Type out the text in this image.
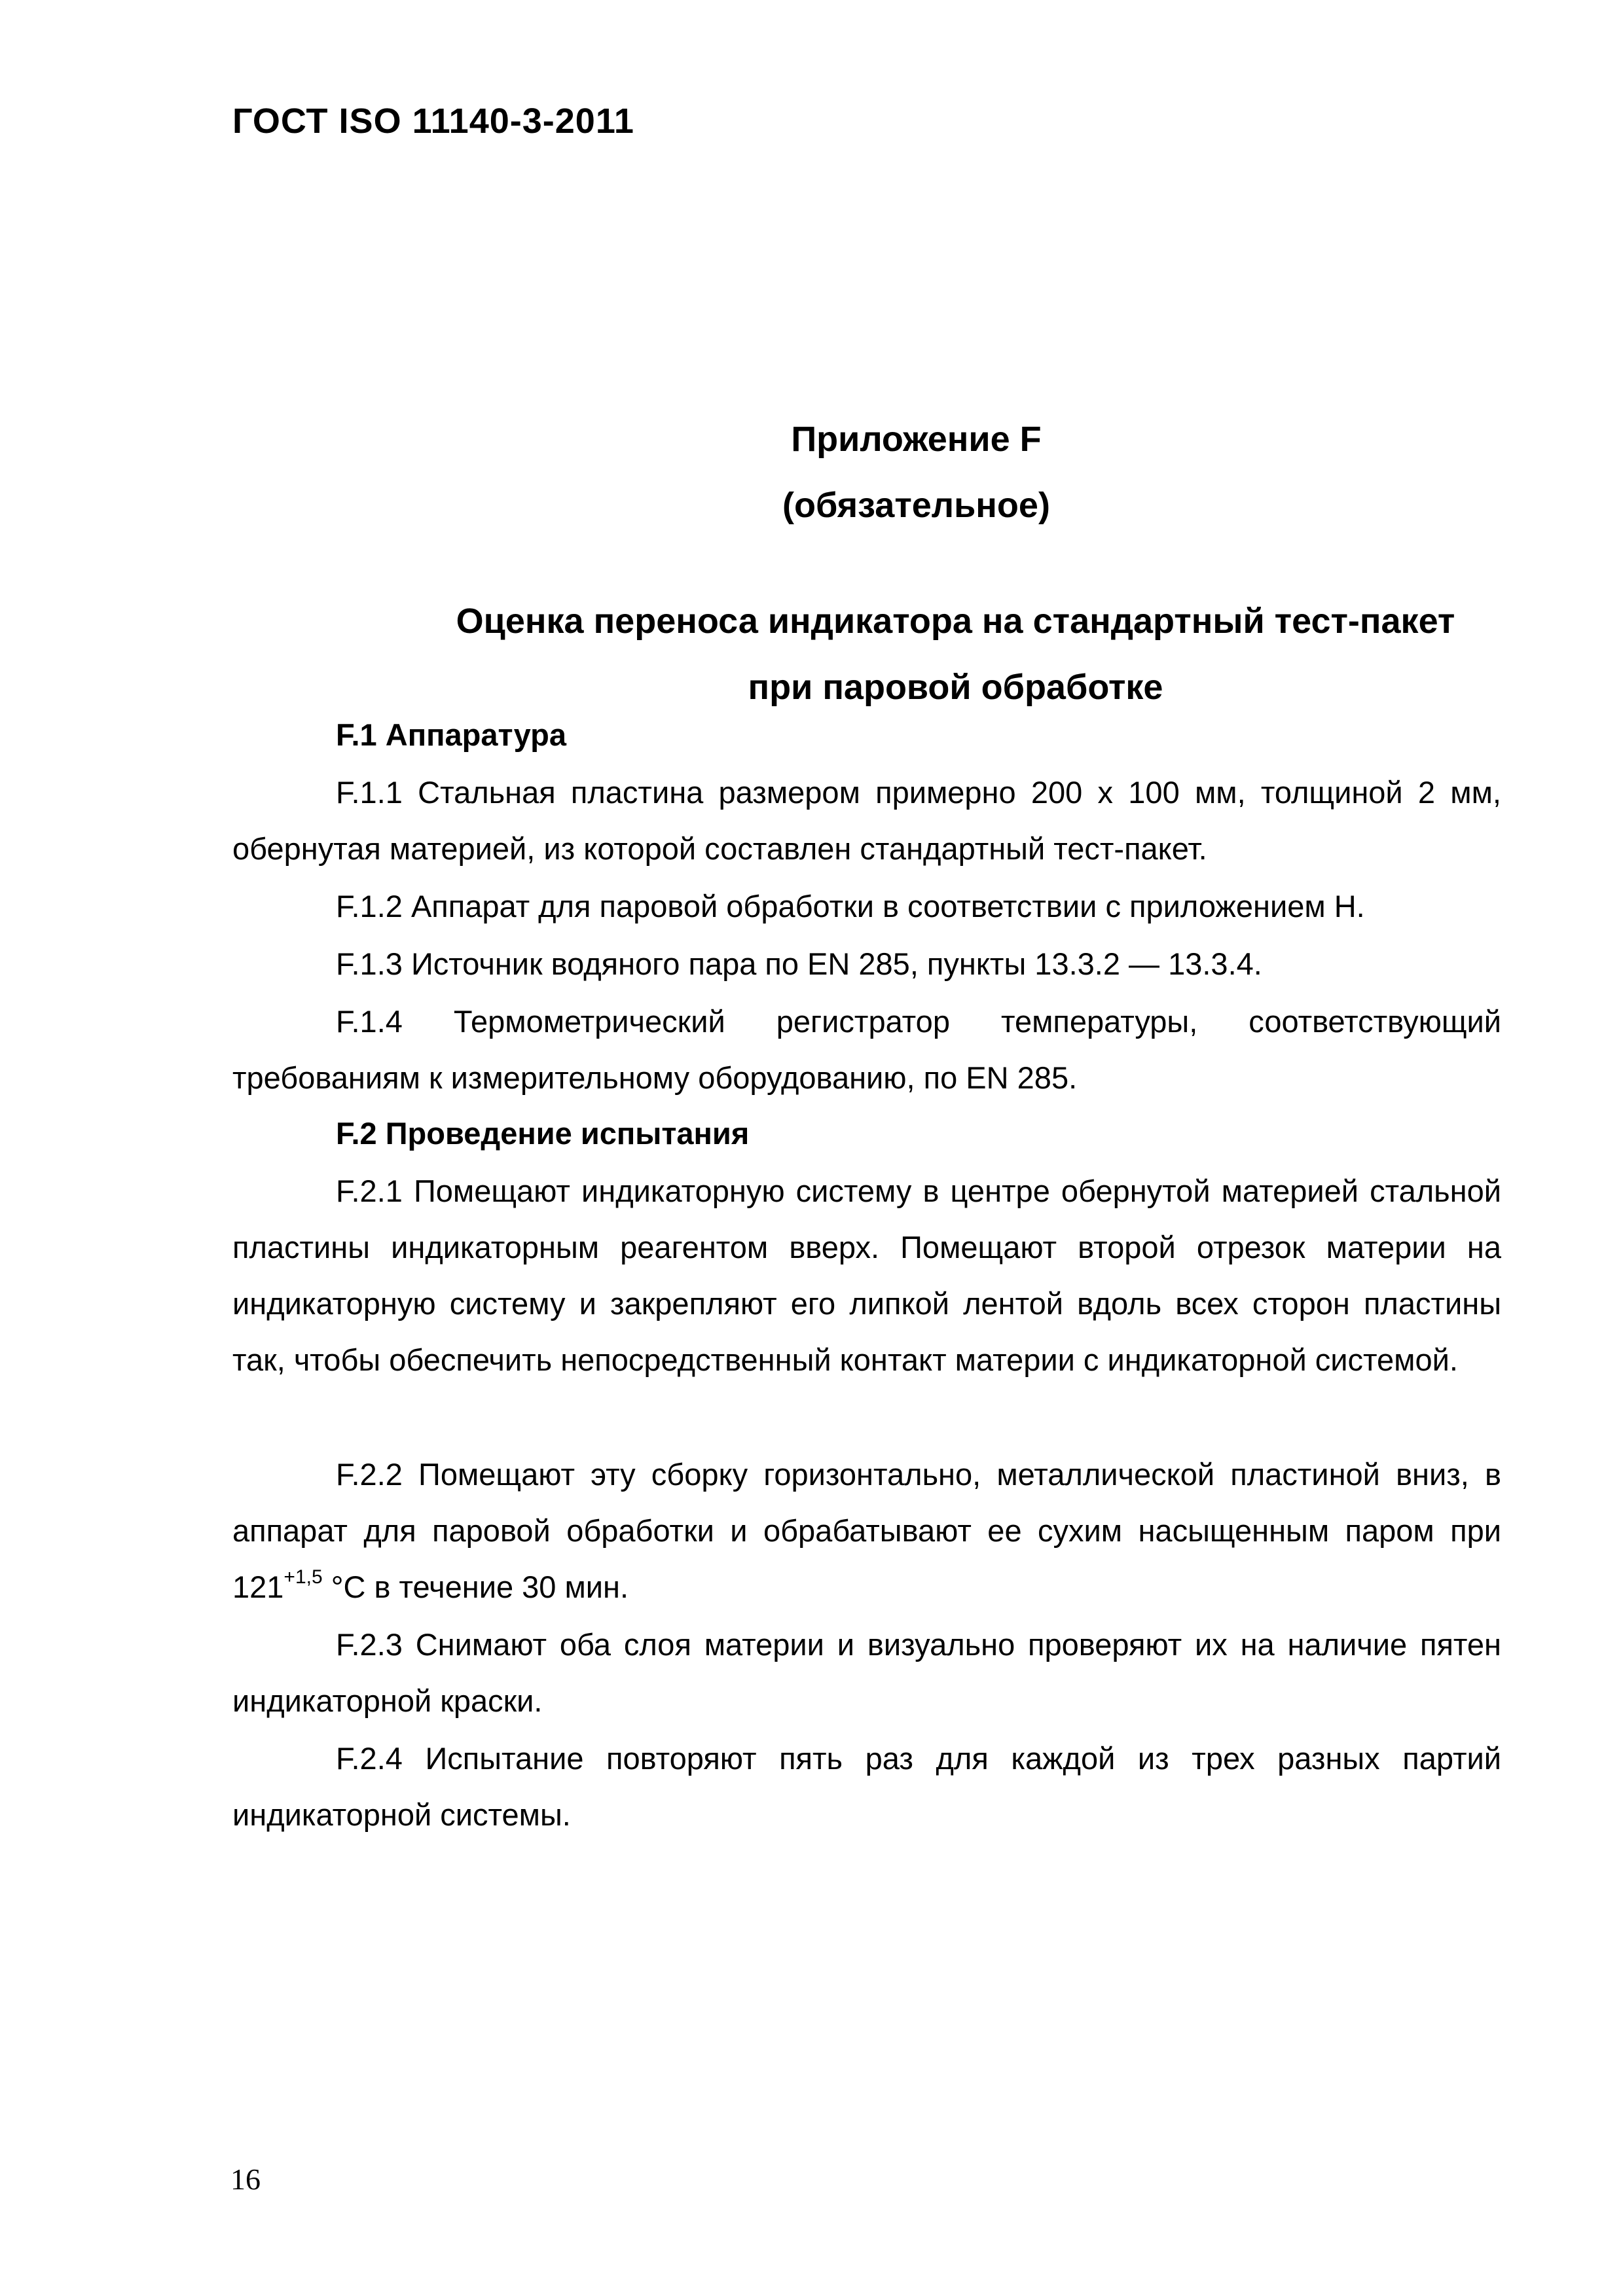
ГОСТ ISO 11140-3-2011
Приложение F
(обязательное)
Оценка переноса индикатора на стандартный тест-пакет
при паровой обработке
F.1 Аппаратура

F.1.1 Стальная пластина размером примерно 200 х 100 мм, толщиной 2 мм, обернутая материей, из которой составлен стандартный тест-пакет.

F.1.2 Аппарат для паровой обработки в соответствии с приложением Н.

F.1.3 Источник водяного пара по EN 285, пункты 13.3.2 — 13.3.4.

F.1.4 Термометрический регистратор температуры, соответствующий требованиям к измерительному оборудованию, по EN 285.

F.2 Проведение испытания

F.2.1 Помещают индикаторную систему в центре обернутой материей стальной пластины индикаторным реагентом вверх. Помещают второй отрезок материи на индикаторную систему и закрепляют его липкой лентой вдоль всех сторон пластины так, чтобы обеспечить непосредственный контакт материи с индикаторной системой.

F.2.2 Помещают эту сборку горизонтально, металлической пластиной вниз, в аппарат для паровой обработки и обрабатывают ее сухим насыщенным паром при $121^{+1,5}$ °С в течение 30 мин.

F.2.3 Снимают оба слоя материи и визуально проверяют их на наличие пятен индикаторной краски.

F.2.4 Испытание повторяют пять раз для каждой из трех разных партий индикаторной системы.

16
